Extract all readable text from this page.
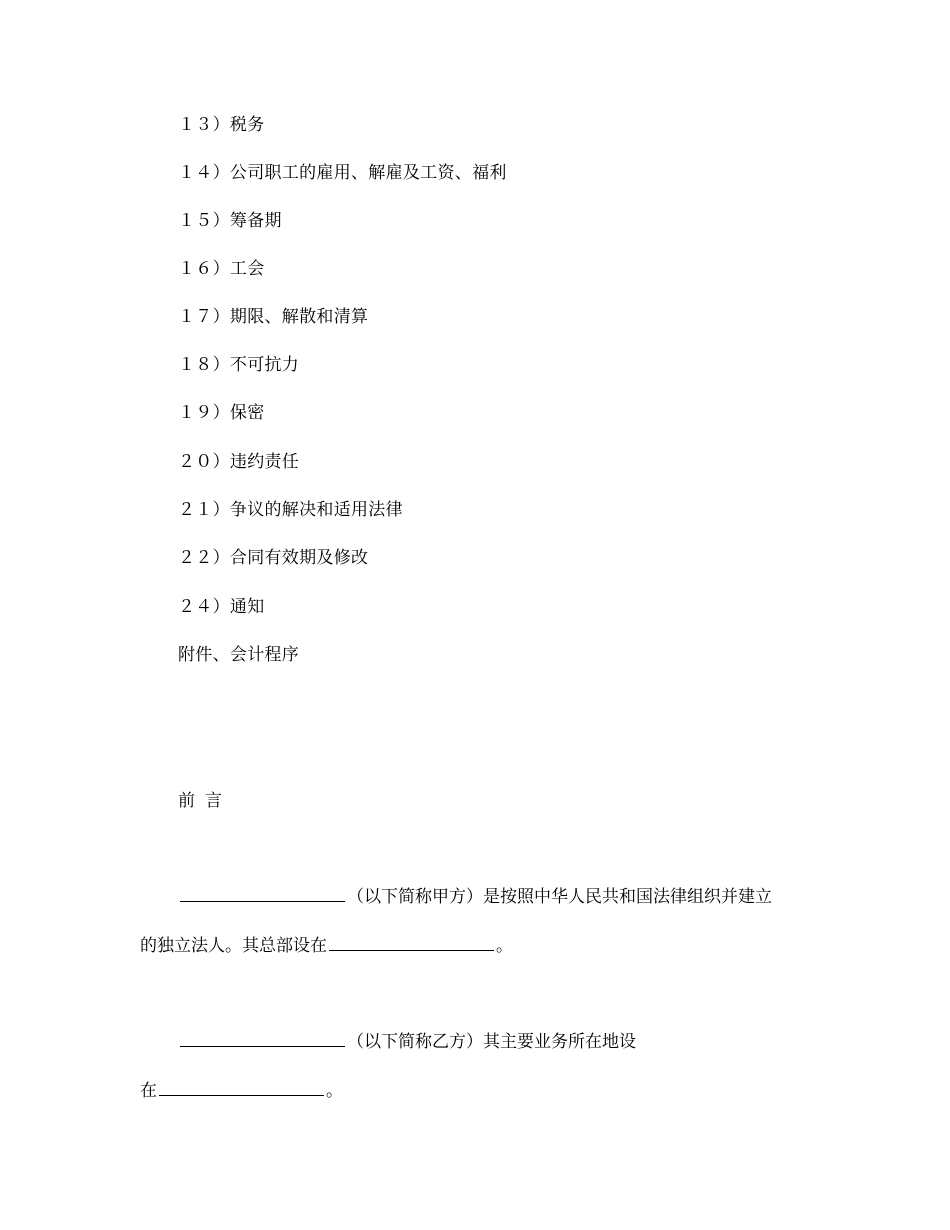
１３）税务
１４）公司职工的雇用、解雇及工资、福利
１５）筹备期
１６）工会
１７）期限、解散和清算
１８）不可抗力
１９）保密
２０）违约责任
２１）争议的解决和适用法律
２２）合同有效期及修改
２４）通知
附件、会计程序
前言
（以下简称甲方）是按照中华人民共和国法律组织并建立
的独立法人。其总部设在	。
（以下简称乙方）其主要业务所在地设
在	。
